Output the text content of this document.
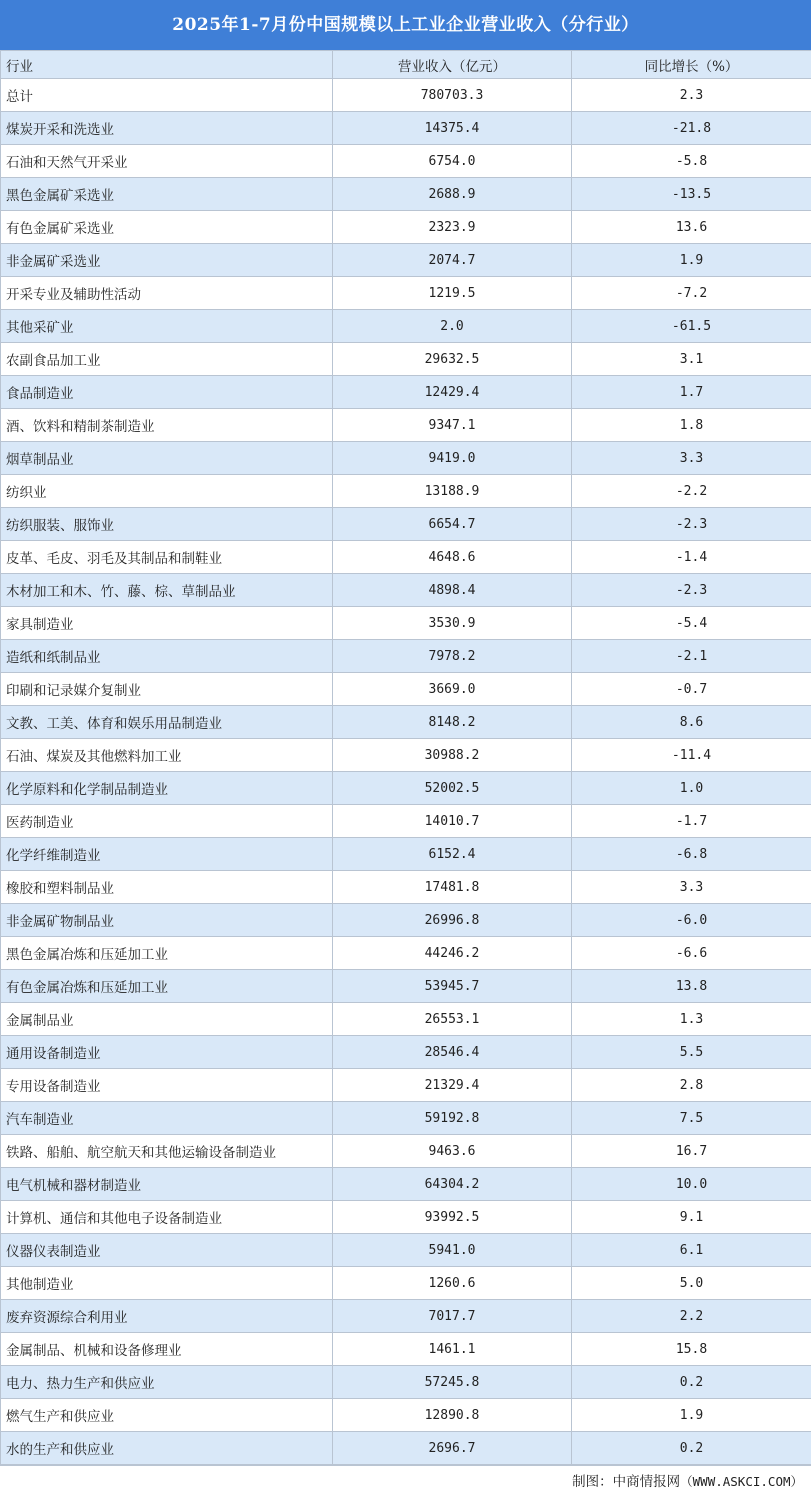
2025年1-7月份中国规模以上工业企业营业收入（分行业）
行业	营业收入（亿元）	同比增长（%）
总计	780703.3	2.3
煤炭开采和洗选业	14375.4	-21.8
石油和天然气开采业	6754.0	-5.8
黑色金属矿采选业	2688.9	-13.5
有色金属矿采选业	2323.9	13.6
非金属矿采选业	2074.7	1.9
开采专业及辅助性活动	1219.5	-7.2
其他采矿业	2.0	-61.5
农副食品加工业	29632.5	3.1
食品制造业	12429.4	1.7
酒、饮料和精制茶制造业	9347.1	1.8
烟草制品业	9419.0	3.3
纺织业	13188.9	-2.2
纺织服装、服饰业	6654.7	-2.3
皮革、毛皮、羽毛及其制品和制鞋业	4648.6	-1.4
木材加工和木、竹、藤、棕、草制品业	4898.4	-2.3
家具制造业	3530.9	-5.4
造纸和纸制品业	7978.2	-2.1
印刷和记录媒介复制业	3669.0	-0.7
文教、工美、体育和娱乐用品制造业	8148.2	8.6
石油、煤炭及其他燃料加工业	30988.2	-11.4
化学原料和化学制品制造业	52002.5	1.0
医药制造业	14010.7	-1.7
化学纤维制造业	6152.4	-6.8
橡胶和塑料制品业	17481.8	3.3
非金属矿物制品业	26996.8	-6.0
黑色金属冶炼和压延加工业	44246.2	-6.6
有色金属冶炼和压延加工业	53945.7	13.8
金属制品业	26553.1	1.3
通用设备制造业	28546.4	5.5
专用设备制造业	21329.4	2.8
汽车制造业	59192.8	7.5
铁路、船舶、航空航天和其他运输设备制造业	9463.6	16.7
电气机械和器材制造业	64304.2	10.0
计算机、通信和其他电子设备制造业	93992.5	9.1
仪器仪表制造业	5941.0	6.1
其他制造业	1260.6	5.0
废弃资源综合利用业	7017.7	2.2
金属制品、机械和设备修理业	1461.1	15.8
电力、热力生产和供应业	57245.8	0.2
燃气生产和供应业	12890.8	1.9
水的生产和供应业	2696.7	0.2
制图：中商情报网（WWW.ASKCI.COM）
